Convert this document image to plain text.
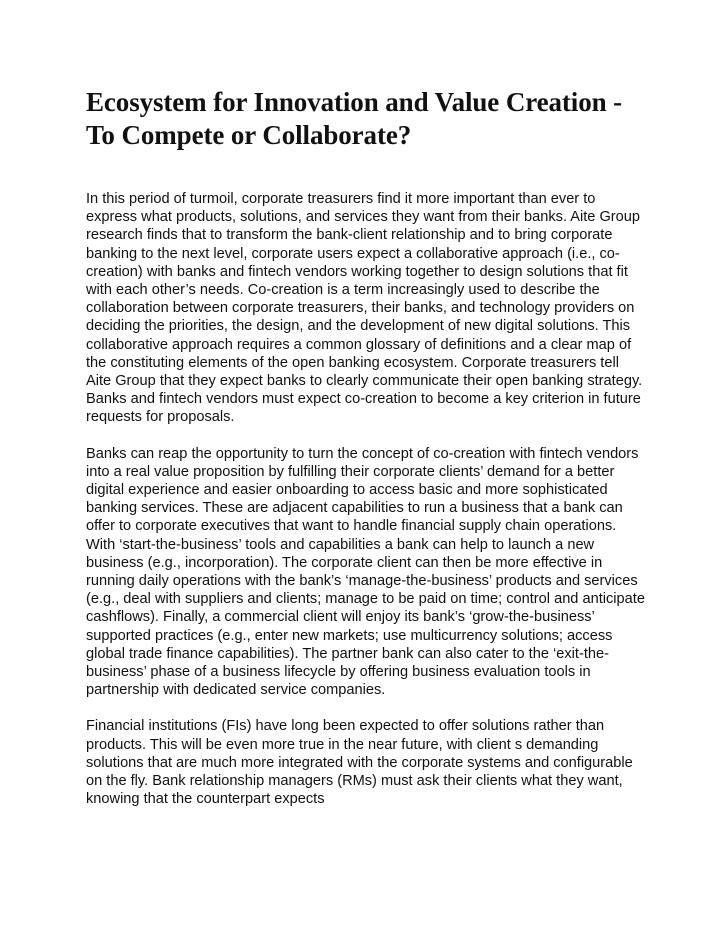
Ecosystem for Innovation and Value Creation - To Compete or Collaborate?

In this period of turmoil, corporate treasurers find it more important than ever to express what products, solutions, and services they want from their banks. Aite Group research finds that to transform the bank-client relationship and to bring corporate banking to the next level, corporate users expect a collaborative approach (i.e., co-creation) with banks and fintech vendors working together to design solutions that fit with each other’s needs. Co-creation is a term increasingly used to describe the collaboration between corporate treasurers, their banks, and technology providers on deciding the priorities, the design, and the development of new digital solutions. This collaborative approach requires a common glossary of definitions and a clear map of the constituting elements of the open banking ecosystem. Corporate treasurers tell Aite Group that they expect banks to clearly communicate their open banking strategy. Banks and fintech vendors must expect co-creation to become a key criterion in future requests for proposals.

Banks can reap the opportunity to turn the concept of co-creation with fintech vendors into a real value proposition by fulfilling their corporate clients’ demand for a better digital experience and easier onboarding to access basic and more sophisticated banking services. These are adjacent capabilities to run a business that a bank can offer to corporate executives that want to handle financial supply chain operations. With ‘start-the-business’ tools and capabilities a bank can help to launch a new business (e.g., incorporation). The corporate client can then be more effective in running daily operations with the bank’s ‘manage-the-business’ products and services (e.g., deal with suppliers and clients; manage to be paid on time; control and anticipate cashflows). Finally, a commercial client will enjoy its bank’s ‘grow-the-business’ supported practices (e.g., enter new markets; use multicurrency solutions; access global trade finance capabilities). The partner bank can also cater to the ‘exit-the-business’ phase of a business lifecycle by offering business evaluation tools in partnership with dedicated service companies.

Financial institutions (FIs) have long been expected to offer solutions rather than products. This will be even more true in the near future, with client s demanding solutions that are much more integrated with the corporate systems and configurable on the fly. Bank relationship managers (RMs) must ask their clients what they want, knowing that the counterpart expects
